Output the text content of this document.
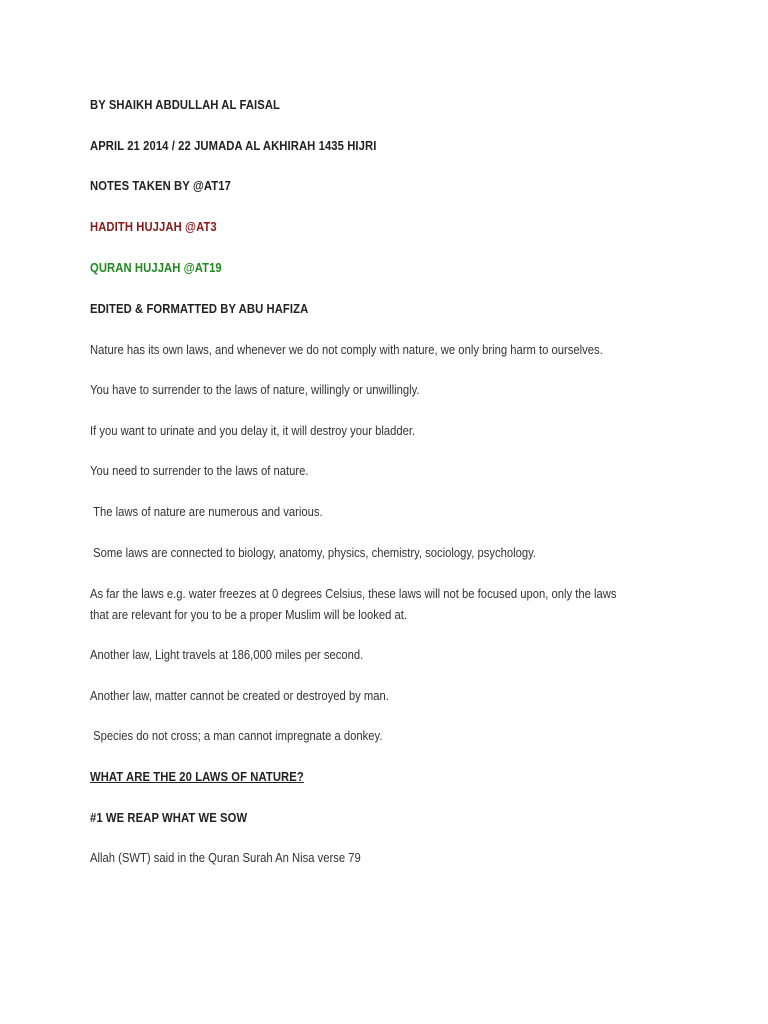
BY SHAIKH ABDULLAH AL FAISAL

APRIL 21 2014 / 22 JUMADA AL AKHIRAH 1435 HIJRI

NOTES TAKEN BY @AT17

HADITH HUJJAH @AT3

QURAN HUJJAH @AT19

EDITED & FORMATTED BY ABU HAFIZA

Nature has its own laws, and whenever we do not comply with nature, we only bring harm to ourselves.

You have to surrender to the laws of nature, willingly or unwillingly.

If you want to urinate and you delay it, it will destroy your bladder.

You need to surrender to the laws of nature.

The laws of nature are numerous and various.

Some laws are connected to biology, anatomy, physics, chemistry, sociology, psychology.

As far the laws e.g. water freezes at 0 degrees Celsius, these laws will not be focused upon, only the laws
that are relevant for you to be a proper Muslim will be looked at.

Another law, Light travels at 186,000 miles per second.

Another law, matter cannot be created or destroyed by man.

Species do not cross; a man cannot impregnate a donkey.

WHAT ARE THE 20 LAWS OF NATURE?

#1 WE REAP WHAT WE SOW

Allah (SWT) said in the Quran Surah An Nisa verse 79
